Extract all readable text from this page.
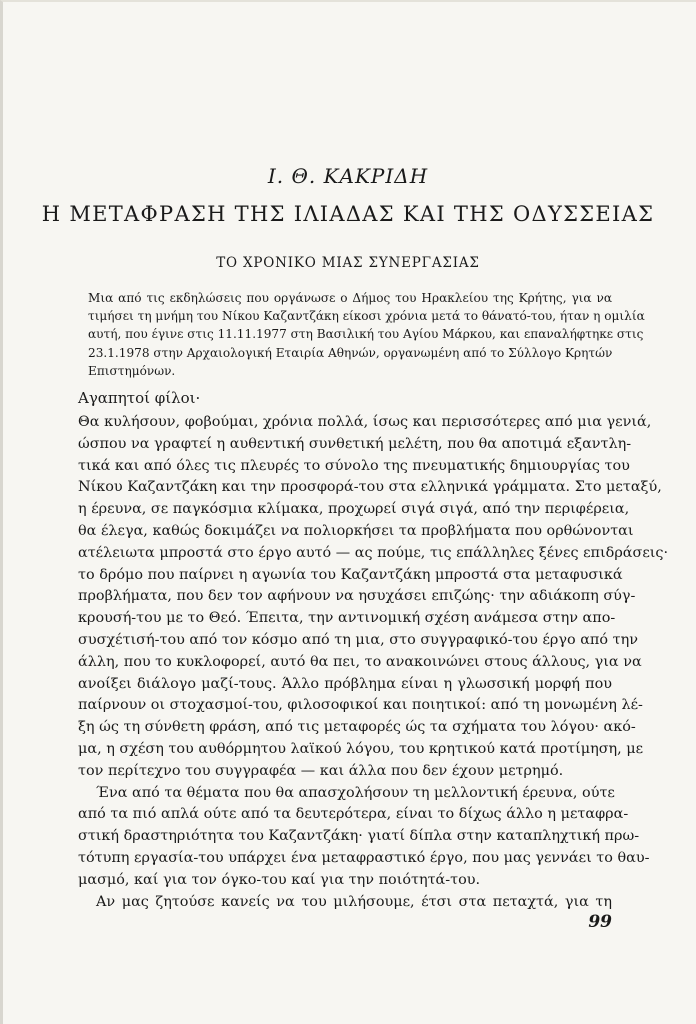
Ι. Θ. ΚΑΚΡΙΔΗ
Η ΜΕΤΑΦΡΑΣΗ ΤΗΣ ΙΛΙΑΔΑΣ ΚΑΙ ΤΗΣ ΟΔΥΣΣΕΙΑΣ
ΤΟ ΧΡΟΝΙΚΟ ΜΙΑΣ ΣΥΝΕΡΓΑΣΙΑΣ
Μια από τις εκδηλώσεις που οργάνωσε ο Δήμος του Ηρακλείου της Κρήτης, για να
τιμήσει τη μνήμη του Νίκου Καζαντζάκη είκοσι χρόνια μετά το θάνατό-του, ήταν η ομιλία
αυτή, που έγινε στις 11.11.1977 στη Βασιλική του Αγίου Μάρκου, και επαναλήφτηκε στις
23.1.1978 στην Αρχαιολογική Εταιρία Αθηνών, οργανωμένη από το Σύλλογο Κρητών
Επιστημόνων.
Αγαπητοί φίλοι·
Θα κυλήσουν, φοβούμαι, χρόνια πολλά, ίσως και περισσότερες από μια γενιά,
ώσπου να γραφτεί η αυθεντική συνθετική μελέτη, που θα αποτιμά εξαντλη-
τικά και από όλες τις πλευρές το σύνολο της πνευματικής δημιουργίας του
Νίκου Καζαντζάκη και την προσφορά-του στα ελληνικά γράμματα. Στο μεταξύ,
η έρευνα, σε παγκόσμια κλίμακα, προχωρεί σιγά σιγά, από την περιφέρεια,
θα έλεγα, καθώς δοκιμάζει να πολιορκήσει τα προβλήματα που ορθώνονται
ατέλειωτα μπροστά στο έργο αυτό — ας πούμε, τις επάλληλες ξένες επιδράσεις·
το δρόμο που παίρνει η αγωνία του Καζαντζάκη μπροστά στα μεταφυσικά
προβλήματα, που δεν τον αφήνουν να ησυχάσει επιζώης· την αδιάκοπη σύγ-
κρουσή-του με το Θεό. Έπειτα, την αντινομική σχέση ανάμεσα στην απο-
συσχέτισή-του από τον κόσμο από τη μια, στο συγγραφικό-του έργο από την
άλλη, που το κυκλοφορεί, αυτό θα πει, το ανακοινώνει στους άλλους, για να
ανοίξει διάλογο μαζί-τους. Άλλο πρόβλημα είναι η γλωσσική μορφή που
παίρνουν οι στοχασμοί-του, φιλοσοφικοί και ποιητικοί: από τη μονωμένη λέ-
ξη ώς τη σύνθετη φράση, από τις μεταφορές ώς τα σχήματα του λόγου· ακό-
μα, η σχέση του αυθόρμητου λαϊκού λόγου, του κρητικού κατά προτίμηση, με
τον περίτεχνο του συγγραφέα — και άλλα που δεν έχουν μετρημό.
Ένα από τα θέματα που θα απασχολήσουν τη μελλοντική έρευνα, ούτε
από τα πιό απλά ούτε από τα δευτερότερα, είναι το δίχως άλλο η μεταφρα-
στική δραστηριότητα του Καζαντζάκη· γιατί δίπλα στην καταπληχτική πρω-
τότυπη εργασία-του υπάρχει ένα μεταφραστικό έργο, που μας γεννάει το θαυ-
μασμό, καί για τον όγκο-του καί για την ποιότητά-του.
Αν μας ζητούσε κανείς να του μιλήσουμε, έτσι στα πεταχτά, για τη
99
